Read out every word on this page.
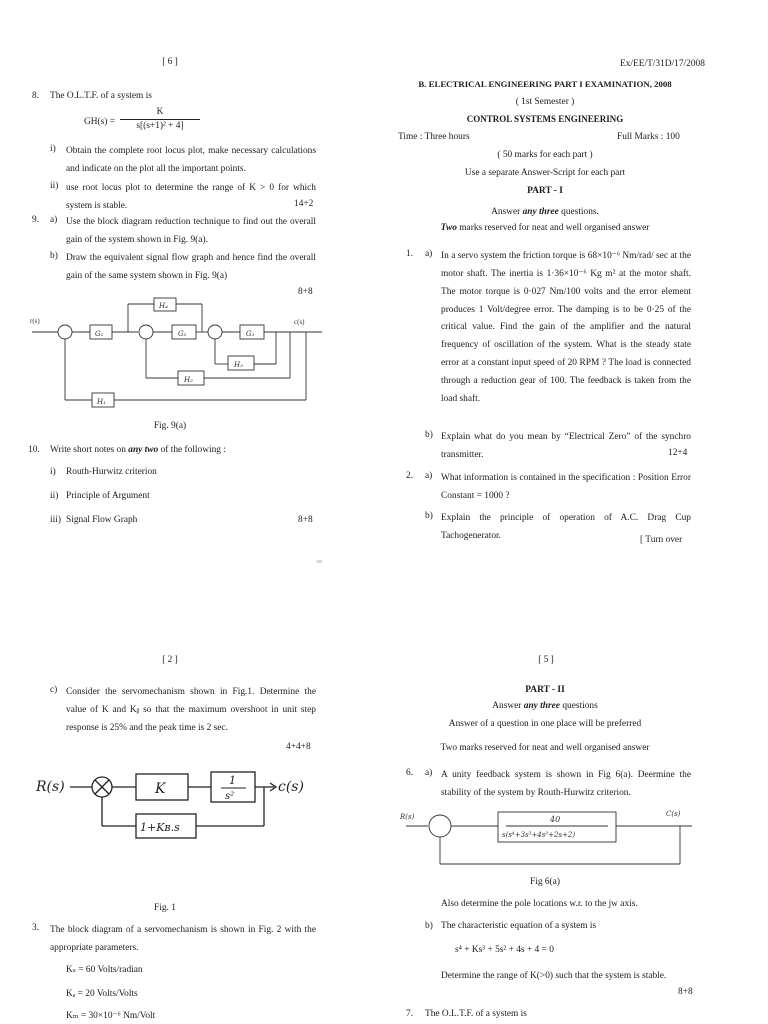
[ 6 ]
8. The O.L.T.F. of a system is
GH(s) =
K
s[(s+1)² + 4]
i) Obtain the complete root locus plot, make necessary calculations and indicate on the plot all the important points.
ii) use root locus plot to determine the range of K > 0 for which system is stable.	14+2
9. a) Use the block diagram reduction technique to find out the overall gain of the system shown in Fig. 9(a).
b) Draw the equivalent signal flow graph and hence find the overall gain of the same system shown in Fig. 9(a)
8+8
r(s)
G₁	G₂	G₃
c(s)
H₄
H₃
H₂
H₁
Fig. 9(a)
10. Write short notes on any two of the following :
i) Routh-Hurwitz criterion
ii) Principle of Argument
iii) Signal Flow Graph	8+8
100
Ex/EE/T/31D/17/2008
B. ELECTRICAL ENGINEERING PART I EXAMINATION, 2008
( 1st Semester )
CONTROL SYSTEMS ENGINEERING
Time : Three hours	Full Marks : 100
( 50 marks for each part )
Use a separate Answer-Script for each part
PART - I
Answer any three questions.
Two marks reserved for neat and well organised answer
1. a) In a servo system the friction torque is 68×10⁻⁶ Nm/rad/ sec at the motor shaft. The inertia is 1·36×10⁻⁶ Kg m² at the motor shaft. The motor torque is 0·027 Nm/100 volts and the error element produces 1 Volt/degree error. The damping is to be 0·25 of the critical value. Find the gain of the amplifier and the natural frequency of oscillation of the system. What is the steady state error at a constant input speed of 20 RPM ? The load is connected through a reduction gear of 100. The feedback is taken from the load shaft.
b) Explain what do you mean by “Electrical Zero” of the synchro transmitter.	12+4
2. a) What information is contained in the specification : Position Error Constant = 1000 ?
b) Explain the principle of operation of A.C. Drag Cup Tachogenerator.	[ Turn over
[ 2 ]
c) Consider the servomechanism shown in Fig.1. Determine the value of K and Kᵦ so that the maximum overshoot in unit step response is 25% and the peak time is 2 sec.
4+4+8
R(s)	K
1
s²
c(s)
1+Kʙ.s
Fig. 1
3. The block diagram of a servomechanism is shown in Fig. 2 with the appropriate parameters.
Kₛ = 60 Volts/radian
Kₐ = 20 Volts/Volts
Kₘ = 30×10⁻⁶ Nm/Volt
[ 5 ]
PART - II
Answer any three questions
Answer of a question in one place will be preferred
Two marks reserved for neat and well organised answer
6. a) A unity feedback system is shown in Fig 6(a). Deermine the stability of the system by Routh-Hurwitz criterion.
R(s)	40
s(s⁴+3s³+4s²+2s+2)
C(s)
Fig 6(a)
Also determine the pole locations w.r. to the jw axis.
b) The characteristic equation of a system is
s⁴ + Ks³ + 5s² + 4s + 4 = 0
Determine the range of K(>0) such that the system is stable.
8+8
7. The O.L.T.F. of a system is
